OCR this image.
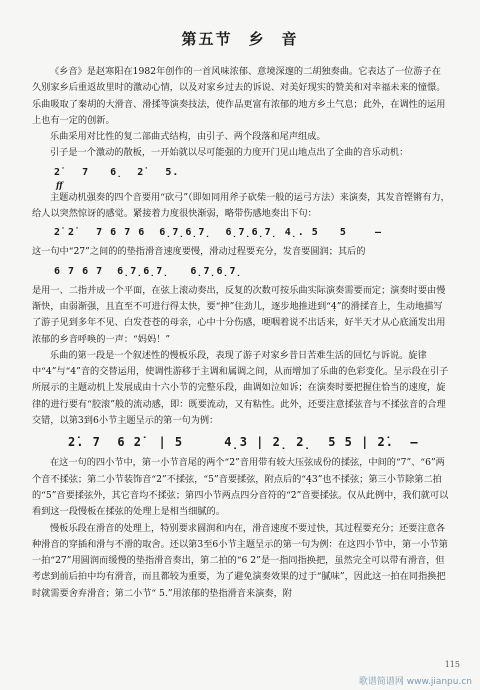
第五节 乡 音

《乡音》是赵寒阳在1982年创作的一首风味浓郁、意境深邃的二胡独奏曲。它表达了一位游子在久别家乡后重返故里时的激动心情，以及对家乡过去的诉说、对美好现实的赞美和对幸福未来的憧憬。乐曲吸取了秦胡的大滑音、滑揉等演奏技法，使作品更富有浓郁的地方乡土气息；此外，在调性的运用上也有一定的创新。

乐曲采用对比性的复二部曲式结构，由引子、两个段落和尾声组成。

引子是一个激动的散板，一开始就以尽可能强的力度开门见山地点出了全曲的音乐动机：

2̇   7   6̣  2̇   5.
ff

主题动机强奏的四个音要用“砍弓”（即如同用斧子砍柴一般的运弓方法）来演奏，其发音铿锵有力，给人以突然惊讶的感觉。紧接着力度很快渐弱，略带伤感地奏出下句：

2̇ 2̇   7 6 7 6  6̣7̣6̣7̣  6̣7̣6̣7̣ 4̣. 5   5    —

这一句中“2̇7”之间的的垫指滑音速度要慢，滑动过程要充分，发音要圆润；其后的

6 7 6 7  6̣7̣6̣7̣   6̣7̣6̣7̣

是用一、二指并成一个平面，在弦上滚动奏出，反复的次数可按乐曲实际演奏需要而定；演奏时要由慢渐快，由弱渐强，且直至不可进行得太快，要“抻”住劲儿，逐步地推进到“4̣”的滑揉音上，生动地描写了游子见到多年不见、白发苍苍的母亲，心中十分伤感，哽咽着说不出话来，好半天才从心底涌发出用浓郁的乡音呼唤的一声：“妈妈！”

乐曲的第一段是一个叙述性的慢板乐段，表现了游子对家乡昔日苦难生活的回忆与诉说。旋律中“4”与“4”音的交替运用，使调性游移于主调和属调之间，从而增加了乐曲的色彩变化。呈示段在引子所展示的主题动机上发展成由十六小节的完整乐段，曲调如泣如诉；在演奏时要把握住恰当的速度，旋律的进行要有“胶滚”般的流动感，即：既要流动，又有粘性。此外，还要注意揉弦音与不揉弦音的合理交错，以第3到6小节主题呈示的第一句为例：

2̇. 7  6 2̇  | 5     4̣3 | 2̣ 2̣  5 5 | 2̇.  —

在这一句的四小节中，第一小节音尾的两个“2̇”音用带有较大压弦成份的揉弦，中间的“7”、“6”两个音不揉弦；第二小节装饰音“2̇”不揉弦，“5”音要揉弦，附点后的“4̣3”也不揉弦；第三小节除第二拍的“5”音要揉弦外，其它音均不揉弦；第四小节两点四分音符的“2̇”音要揉弦。仅从此例中，我们就可以看到这一段慢板在揉弦的处理上是相当细腻的。

慢板乐段在滑音的处理上，特别要求圆润和内在，滑音速度不要过快，其过程要充分；还要注意各种滑音的穿插和滑与不滑的取舍。还以第3至6小节主题呈示的第一句为例：在这四小节中，第一小节第一拍“2̇7”用圆润而缓慢的垫指滑音奏出，第二拍的“6 2̇”是一指同指换把，虽然完全可以带有滑音，但考虑到前后拍中均有滑音，而且都较为重要，为了避免演奏效果的过于“腻味”，因此这一拍在同指换把时就需要舍弃滑音；第二小节“ 5.”用浓郁的垫指滑音来演奏，附

115
歌谱简谱网 www.jianpu.cn
